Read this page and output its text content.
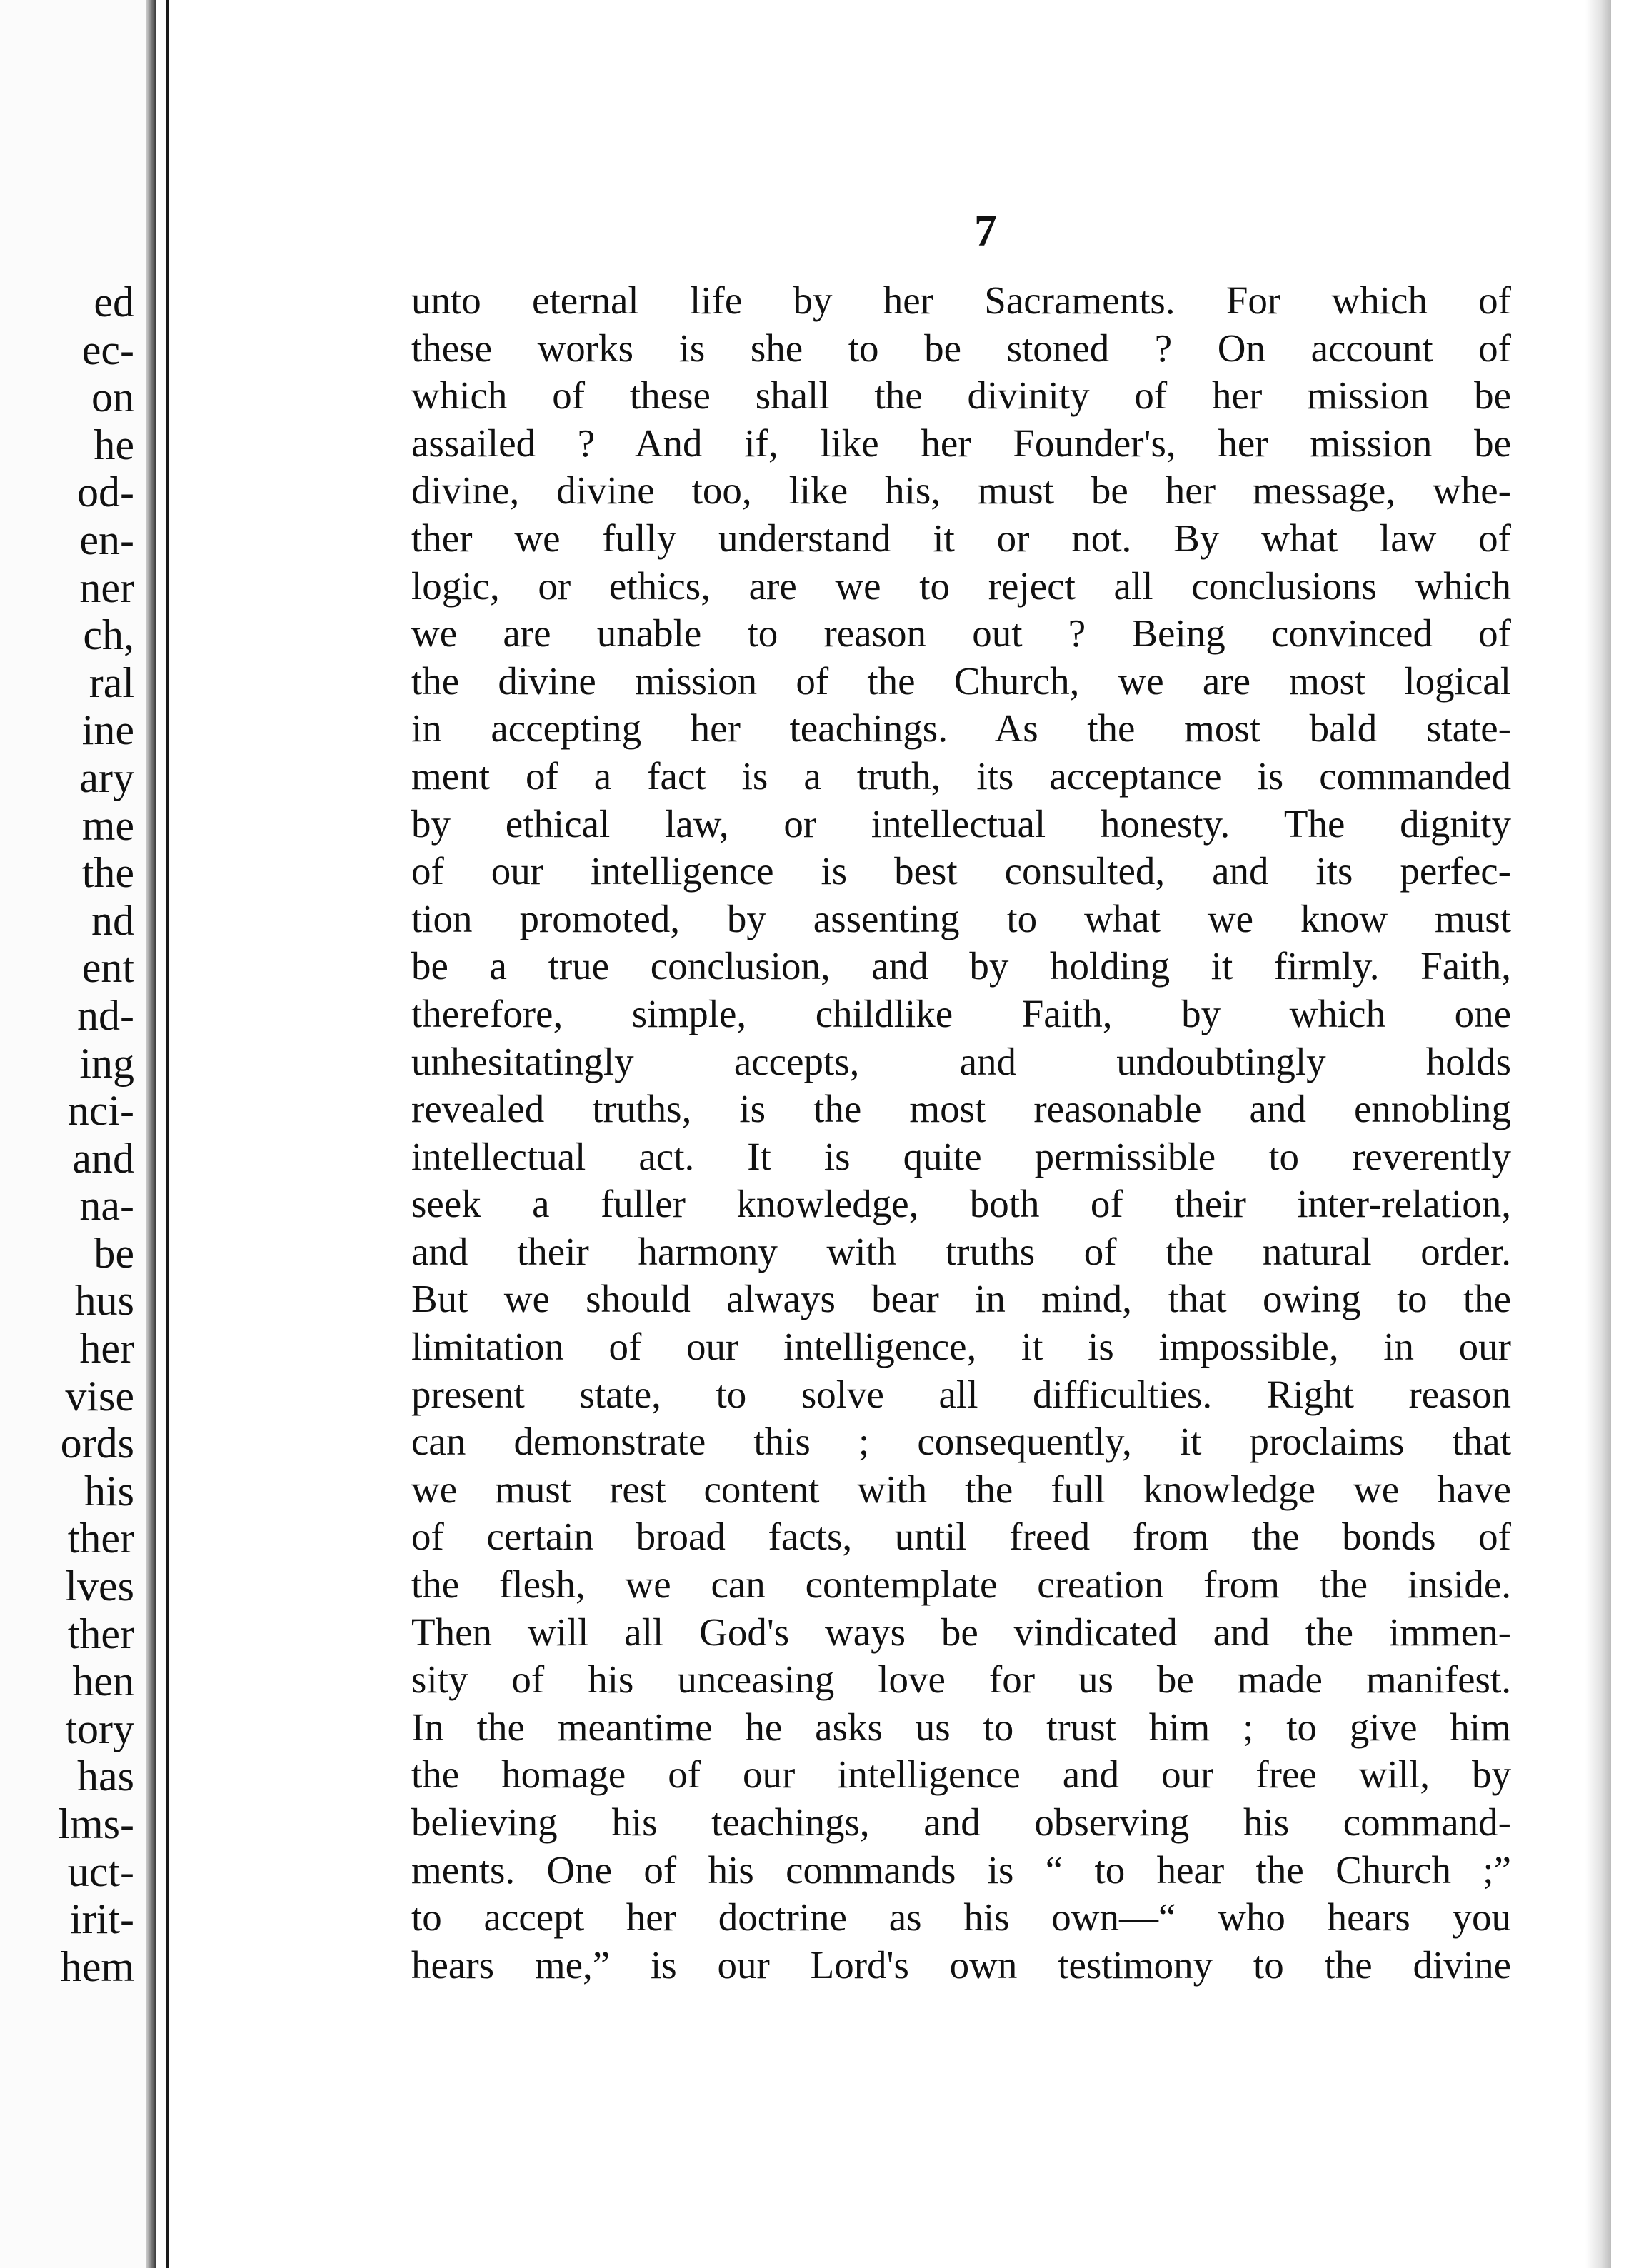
ed
ec-
on
he
od-
en-
ner
ch,
ral
ine
ary
me
the
nd
ent
nd-
ing
nci-
and
na-
be
hus
her
vise
ords
his
ther
lves
ther
hen
tory
has
lms-
uct-
irit-
hem

7

unto eternal life by her Sacraments. For which of
these works is she to be stoned ? On account of
which of these shall the divinity of her mission be
assailed ? And if, like her Founder's, her mission be
divine, divine too, like his, must be her message, whe-
ther we fully understand it or not. By what law of
logic, or ethics, are we to reject all conclusions which
we are unable to reason out ? Being convinced of
the divine mission of the Church, we are most logical
in accepting her teachings. As the most bald state-
ment of a fact is a truth, its acceptance is commanded
by ethical law, or intellectual honesty. The dignity
of our intelligence is best consulted, and its perfec-
tion promoted, by assenting to what we know must
be a true conclusion, and by holding it firmly. Faith,
therefore, simple, childlike Faith, by which one
unhesitatingly accepts, and undoubtingly holds
revealed truths, is the most reasonable and ennobling
intellectual act. It is quite permissible to reverently
seek a fuller knowledge, both of their inter-relation,
and their harmony with truths of the natural order.
But we should always bear in mind, that owing to the
limitation of our intelligence, it is impossible, in our
present state, to solve all difficulties. Right reason
can demonstrate this ; consequently, it proclaims that
we must rest content with the full knowledge we have
of certain broad facts, until freed from the bonds of
the flesh, we can contemplate creation from the inside.
Then will all God's ways be vindicated and the immen-
sity of his unceasing love for us be made manifest.
In the meantime he asks us to trust him ; to give him
the homage of our intelligence and our free will, by
believing his teachings, and observing his command-
ments. One of his commands is “ to hear the Church ;”
to accept her doctrine as his own—“ who hears you
hears me,” is our Lord's own testimony to the divine
